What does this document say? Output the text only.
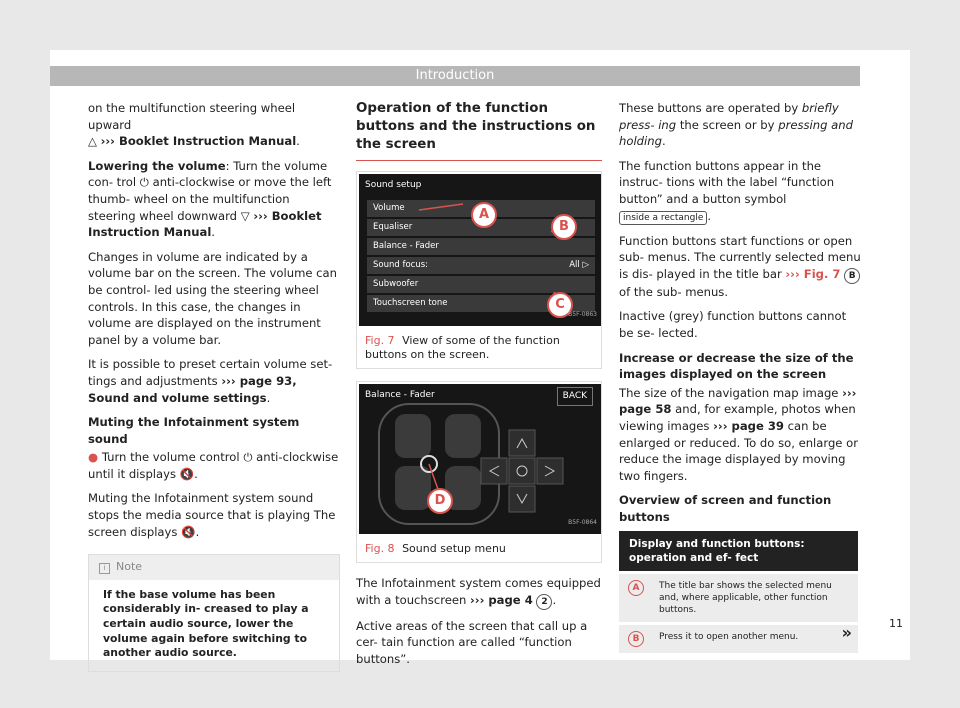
Introduction

on the multifunction steering wheel upward
△ ››› Booklet Instruction Manual.

Lowering the volume: Turn the volume con- trol ⏻ anti-clockwise or move the left thumb- wheel on the multifunction steering wheel downward ▽ ››› Booklet Instruction Manual.

Changes in volume are indicated by a volume bar on the screen. The volume can be control- led using the steering wheel controls. In this case, the changes in volume are displayed on the instrument panel by a volume bar.

It is possible to preset certain volume set- tings and adjustments ››› page 93, Sound and volume settings.

Muting the Infotainment system sound

● Turn the volume control ⏻ anti-clockwise until it displays 🔇.

Muting the Infotainment system sound stops the media source that is playing The screen displays 🔇.

i Note
If the base volume has been considerably in- creased to play a certain audio source, lower the volume again before switching to another audio source.
Operation of the function buttons and the instructions on the screen
Sound setup
Volume
Equaliser
Balance - Fader
Sound focus:	All ▷
Subwoofer
Touchscreen tone
A
B
C
B5F-0863
Fig. 7 View of some of the function buttons on the screen.
Balance - Fader	BACK
D
B5F-0864
Fig. 8 Sound setup menu

The Infotainment system comes equipped with a touchscreen ››› page 4 2 .

Active areas of the screen that call up a cer- tain function are called “function buttons”.

These buttons are operated by briefly press- ing the screen or by pressing and holding.

The function buttons appear in the instruc- tions with the label “function button” and a button symbol inside a rectangle .

Function buttons start functions or open sub- menus. The currently selected menu is dis- played in the title bar ››› Fig. 7 B of the sub- menus.

Inactive (grey) function buttons cannot be se- lected.

Increase or decrease the size of the images displayed on the screen

The size of the navigation map image ››› page 58 and, for example, photos when viewing images ››› page 39 can be enlarged or reduced. To do so, enlarge or reduce the image displayed by moving two fingers.

Overview of screen and function buttons

Display and function buttons: operation and ef- fect	
A	The title bar shows the selected menu and, where applicable, other function buttons.
B	Press it to open another menu. »	11
